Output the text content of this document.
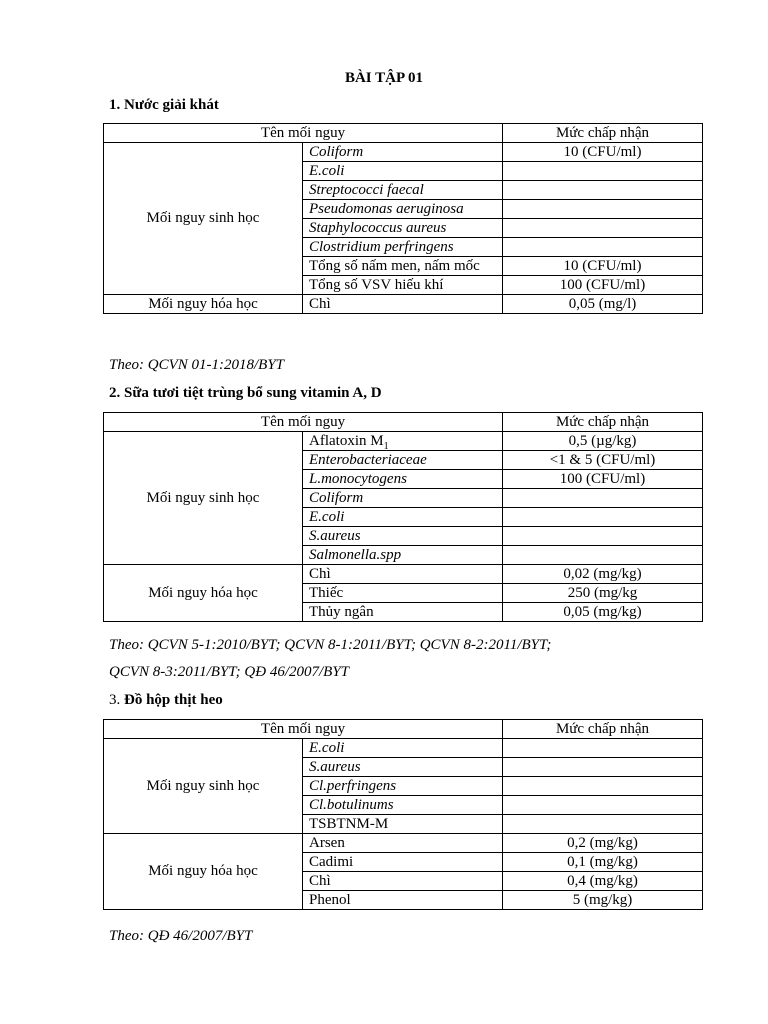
BÀI TẬP 01
1. Nước giải khát
Tên mối nguy		Mức chấp nhận
Mối nguy sinh học	Coliform	10 (CFU/ml)
	E.coli	
	Streptococci faecal	
	Pseudomonas aeruginosa	
	Staphylococcus aureus	
	Clostridium perfringens	
	Tổng số nấm men, nấm mốc	10 (CFU/ml)
	Tổng số VSV hiếu khí	100 (CFU/ml)
Mối nguy hóa học	Chì	0,05 (mg/l)
Theo: QCVN 01-1:2018/BYT
2. Sữa tươi tiệt trùng bổ sung vitamin A, D
Tên mối nguy		Mức chấp nhận
Mối nguy sinh học	Aflatoxin $M_1$	0,5 (µg/kg)
	Enterobacteriaceae	<1 & 5 (CFU/ml)
	L.monocytogens	100 (CFU/ml)
	Coliform	
	E.coli	
	S.aureus	
	Salmonella.spp	
Mối nguy hóa học	Chì	0,02 (mg/kg)
	Thiếc	250 (mg/kg
	Thủy ngân	0,05 (mg/kg)
Theo: QCVN 5-1:2010/BYT; QCVN 8-1:2011/BYT; QCVN 8-2:2011/BYT;
QCVN 8-3:2011/BYT; QĐ 46/2007/BYT
3. Đồ hộp thịt heo
Tên mối nguy		Mức chấp nhận
Mối nguy sinh học	E.coli	
	S.aureus	
	Cl.perfringens	
	Cl.botulinums	
	TSBTNM-M	
Mối nguy hóa học	Arsen	0,2 (mg/kg)
	Cadimi	0,1 (mg/kg)
	Chì	0,4 (mg/kg)
	Phenol	5 (mg/kg)
Theo: QĐ 46/2007/BYT
